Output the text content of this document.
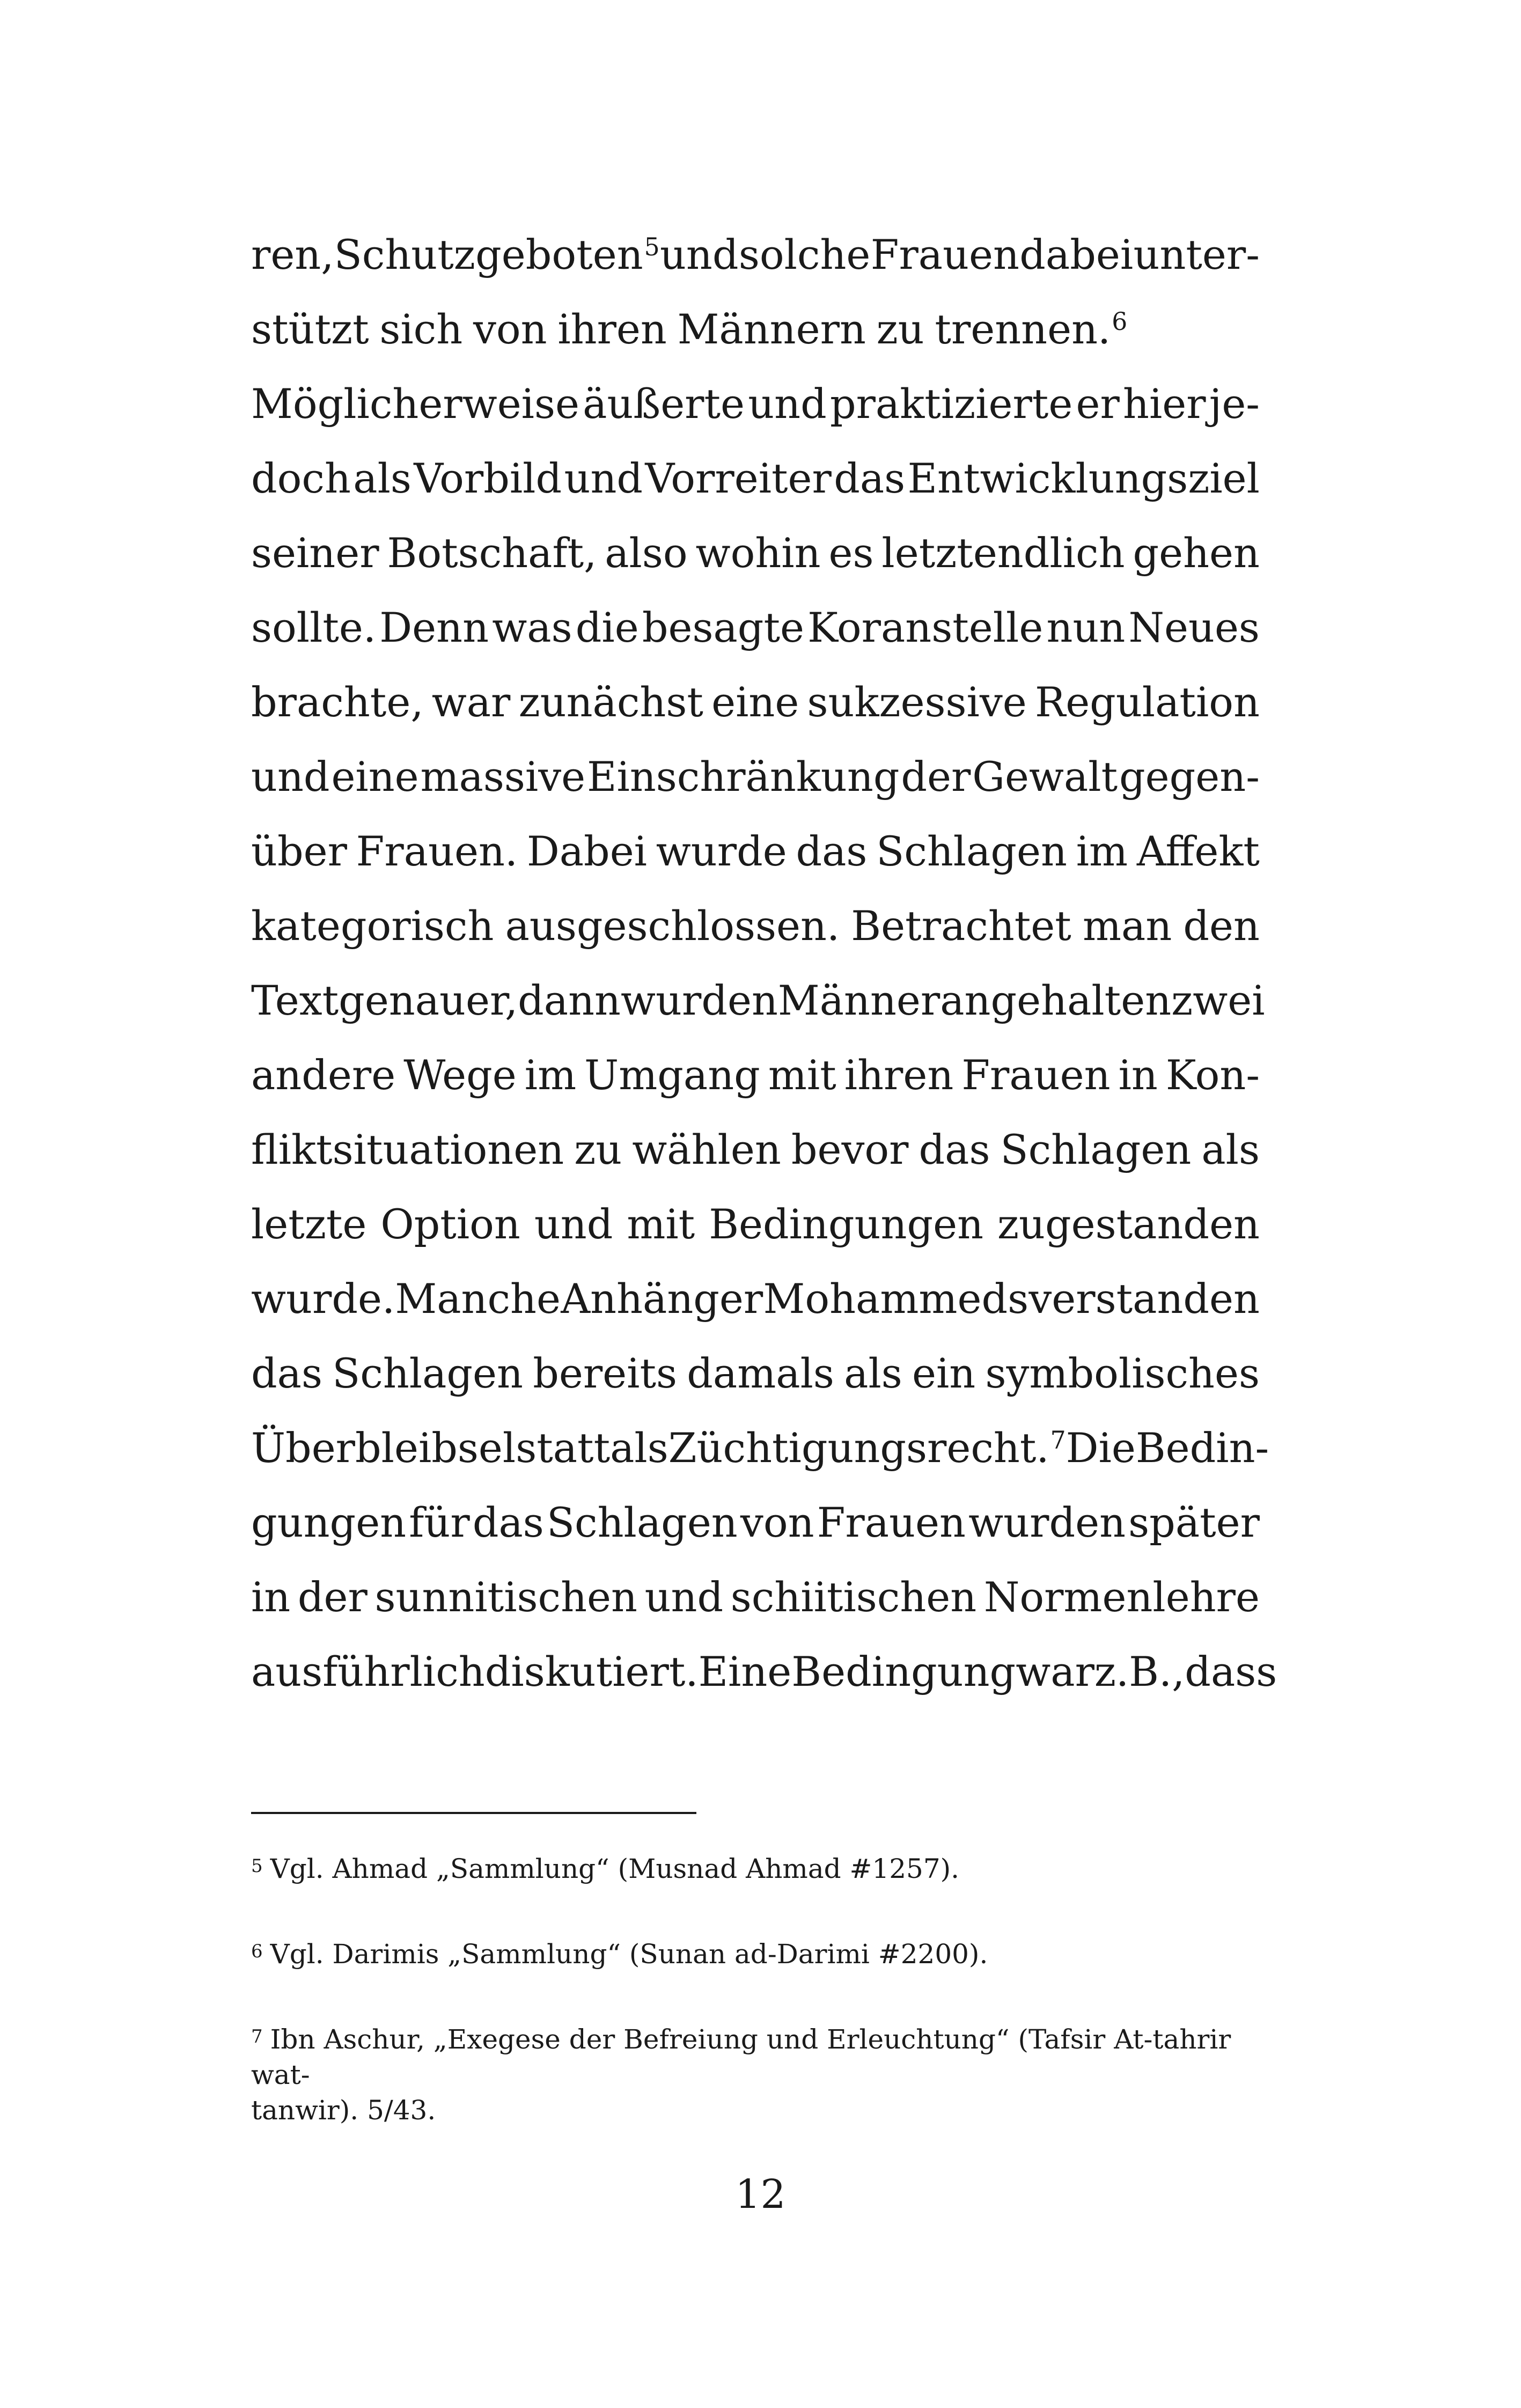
ren, Schutz geboten$^5$ und solche Frauen dabei unter-
stützt sich von ihren Männern zu trennen.$^6$
Möglicherweise äußerte und praktizierte er hier je-
doch als Vorbild und Vorreiter das Entwicklungsziel
seiner Botschaft, also wohin es letztendlich gehen
sollte. Denn was die besagte Koranstelle nun Neues
brachte, war zunächst eine sukzessive Regulation
und eine massive Einschränkung der Gewalt gegen-
über Frauen. Dabei wurde das Schlagen im Affekt
kategorisch ausgeschlossen. Betrachtet man den
Text genauer, dann wurden Männer angehalten zwei
andere Wege im Umgang mit ihren Frauen in Kon-
fliktsituationen zu wählen bevor das Schlagen als
letzte Option und mit Bedingungen zugestanden
wurde. Manche Anhänger Mohammeds verstanden
das Schlagen bereits damals als ein symbolisches
Überbleibsel statt als Züchtigungsrecht.$^7$ Die Bedin-
gungen für das Schlagen von Frauen wurden später
in der sunnitischen und schiitischen Normenlehre
ausführlich diskutiert. Eine Bedingung war z.B., dass
$^5$ Vgl. Ahmad „Sammlung“ (Musnad Ahmad #1257).
$^6$ Vgl. Darimis „Sammlung“ (Sunan ad-Darimi #2200).
$^7$ Ibn Aschur, „Exegese der Befreiung und Erleuchtung“ (Tafsir At-tahrir wat-
tanwir). 5/43.
12
